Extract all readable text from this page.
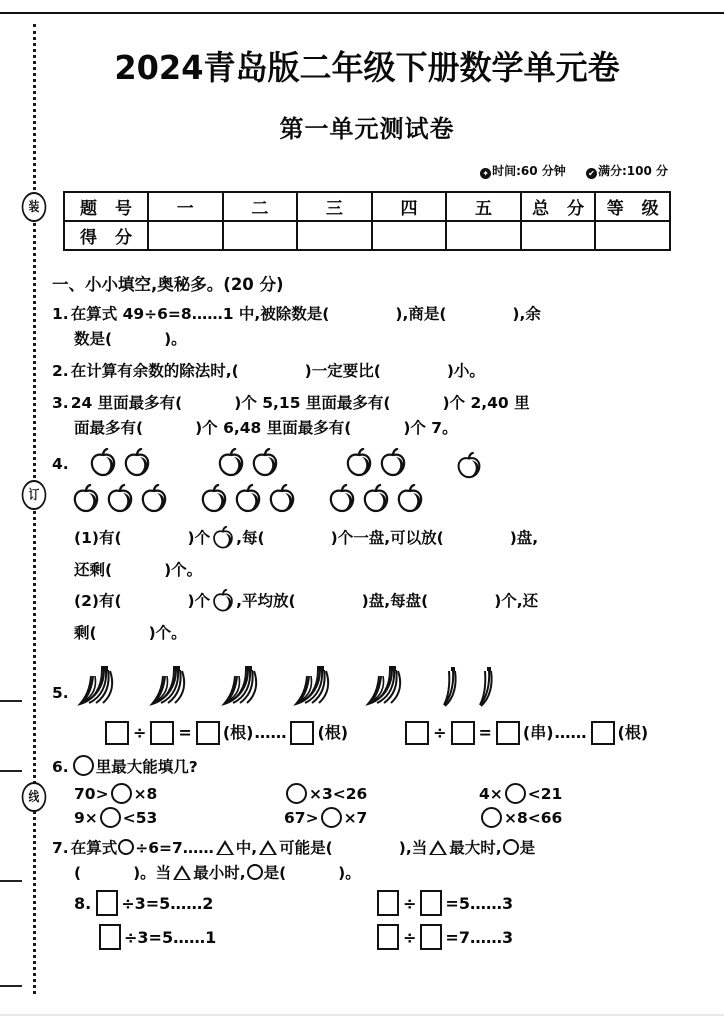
装
订
线
2024青岛版二年级下册数学单元卷
第一单元测试卷
✦ 时间:60 分钟	✔ 满分:100 分
题 号	一	二	三	四	五	总 分	等 级
得 分							
一、小小填空,奥秘多。(20 分)
1. 在算式 49÷6=8……1 中,被除数是(	),商是(	),余
数是(	)。
2. 在计算有余数的除法时,(	)一定要比(	)小。
3. 24 里面最多有(	)个 5,15 里面最多有(	)个 2,40 里
面最多有(	)个 6,48 里面最多有(	)个 7。
4.
(1)有(	)个 ,每(	)个一盘,可以放(	)盘,
还剩(	)个。
(2)有(	)个 ,平均放(	)盘,每盘(	)个,还
剩(	)个。
5.
÷ = (根) …… (根)	÷ = (串) …… (根)
6. 里最大能填几?
70> ×8	×3<26	4× <21
9× <53	67> ×7	×8<66
7. 在算式 ÷6=7…… 中, 可能是(	),当 最大时, 是
(	)。当 最小时, 是(	)。
8. ÷3=5……2	÷ =5……3
÷3=5……1	÷ =7……3
